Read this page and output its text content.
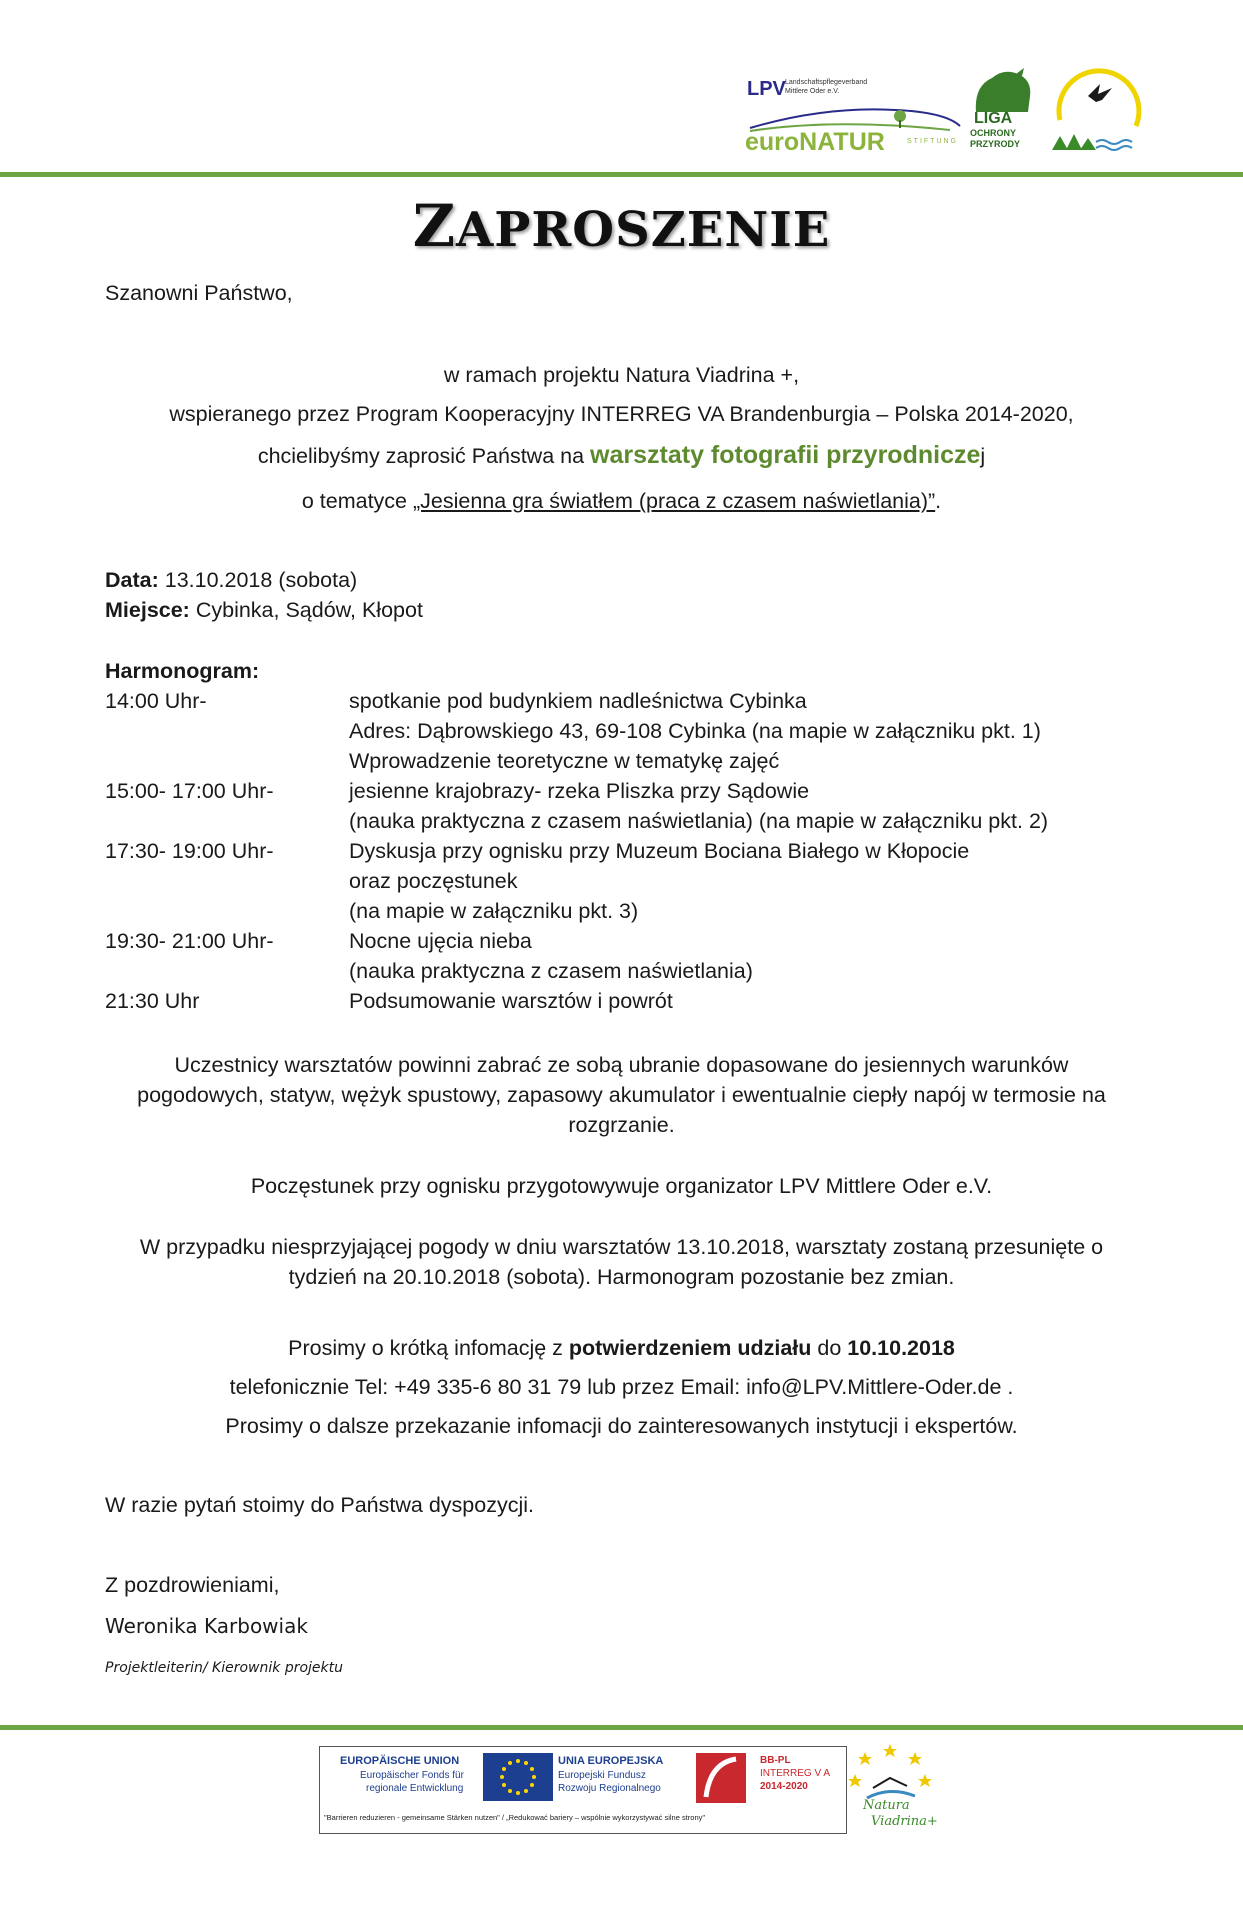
LPV Landschaftspflegeverband
Mittlere Oder e.V.
euroNATUR	STIFTUNG
LIGA
OCHRONY
PRZYRODY
ZAPROSZENIE
Szanowni Państwo,
w ramach projektu Natura Viadrina +,
wspieranego przez Program Kooperacyjny INTERREG VA Brandenburgia – Polska 2014-2020,
chcielibyśmy zaprosić Państwa na warsztaty fotografii przyrodniczej
o tematyce „Jesienna gra światłem (praca z czasem naświetlania)”.
Data: 13.10.2018 (sobota)
Miejsce: Cybinka, Sądów, Kłopot
Harmonogram:
14:00 Uhr-	spotkanie pod budynkiem nadleśnictwa Cybinka
Adres: Dąbrowskiego 43, 69-108 Cybinka (na mapie w załączniku pkt. 1)
Wprowadzenie teoretyczne w tematykę zajęć
15:00- 17:00 Uhr-	jesienne krajobrazy- rzeka Pliszka przy Sądowie
(nauka praktyczna z czasem naświetlania) (na mapie w załączniku pkt. 2)
17:30- 19:00 Uhr-	Dyskusja przy ognisku przy Muzeum Bociana Białego w Kłopocie
oraz poczęstunek
(na mapie w załączniku pkt. 3)
19:30- 21:00 Uhr-	Nocne ujęcia nieba
(nauka praktyczna z czasem naświetlania)
21:30 Uhr	Podsumowanie warsztów i powrót
Uczestnicy warsztatów powinni zabrać ze sobą ubranie dopasowane do jesiennych warunków
pogodowych, statyw, wężyk spustowy, zapasowy akumulator i ewentualnie ciepły napój w termosie na
rozgrzanie.
Poczęstunek przy ognisku przygotowywuje organizator LPV Mittlere Oder e.V.
W przypadku niesprzyjającej pogody w dniu warsztatów 13.10.2018, warsztaty zostaną przesunięte o
tydzień na 20.10.2018 (sobota). Harmonogram pozostanie bez zmian.
Prosimy o krótką infomację z potwierdzeniem udziału do 10.10.2018
telefonicznie Tel: +49 335-6 80 31 79 lub przez Email: info@LPV.Mittlere-Oder.de .
Prosimy o dalsze przekazanie infomacji do zainteresowanych instytucji i ekspertów.
W razie pytań stoimy do Państwa dyspozycji.
Z pozdrowieniami,
Weronika Karbowiak
Projektleiterin/ Kierownik projektu
EUROPÄISCHE UNION
Europäischer Fonds für
regionale Entwicklung
UNIA EUROPEJSKA
Europejski Fundusz
Rozwoju Regionalnego
BB-PL
INTERREG V A
2014-2020
"Barrieren reduzieren - gemeinsame Stärken nutzen" / „Redukować bariery – wspólnie wykorzystywać silne strony"
Natura
Viadrina+
